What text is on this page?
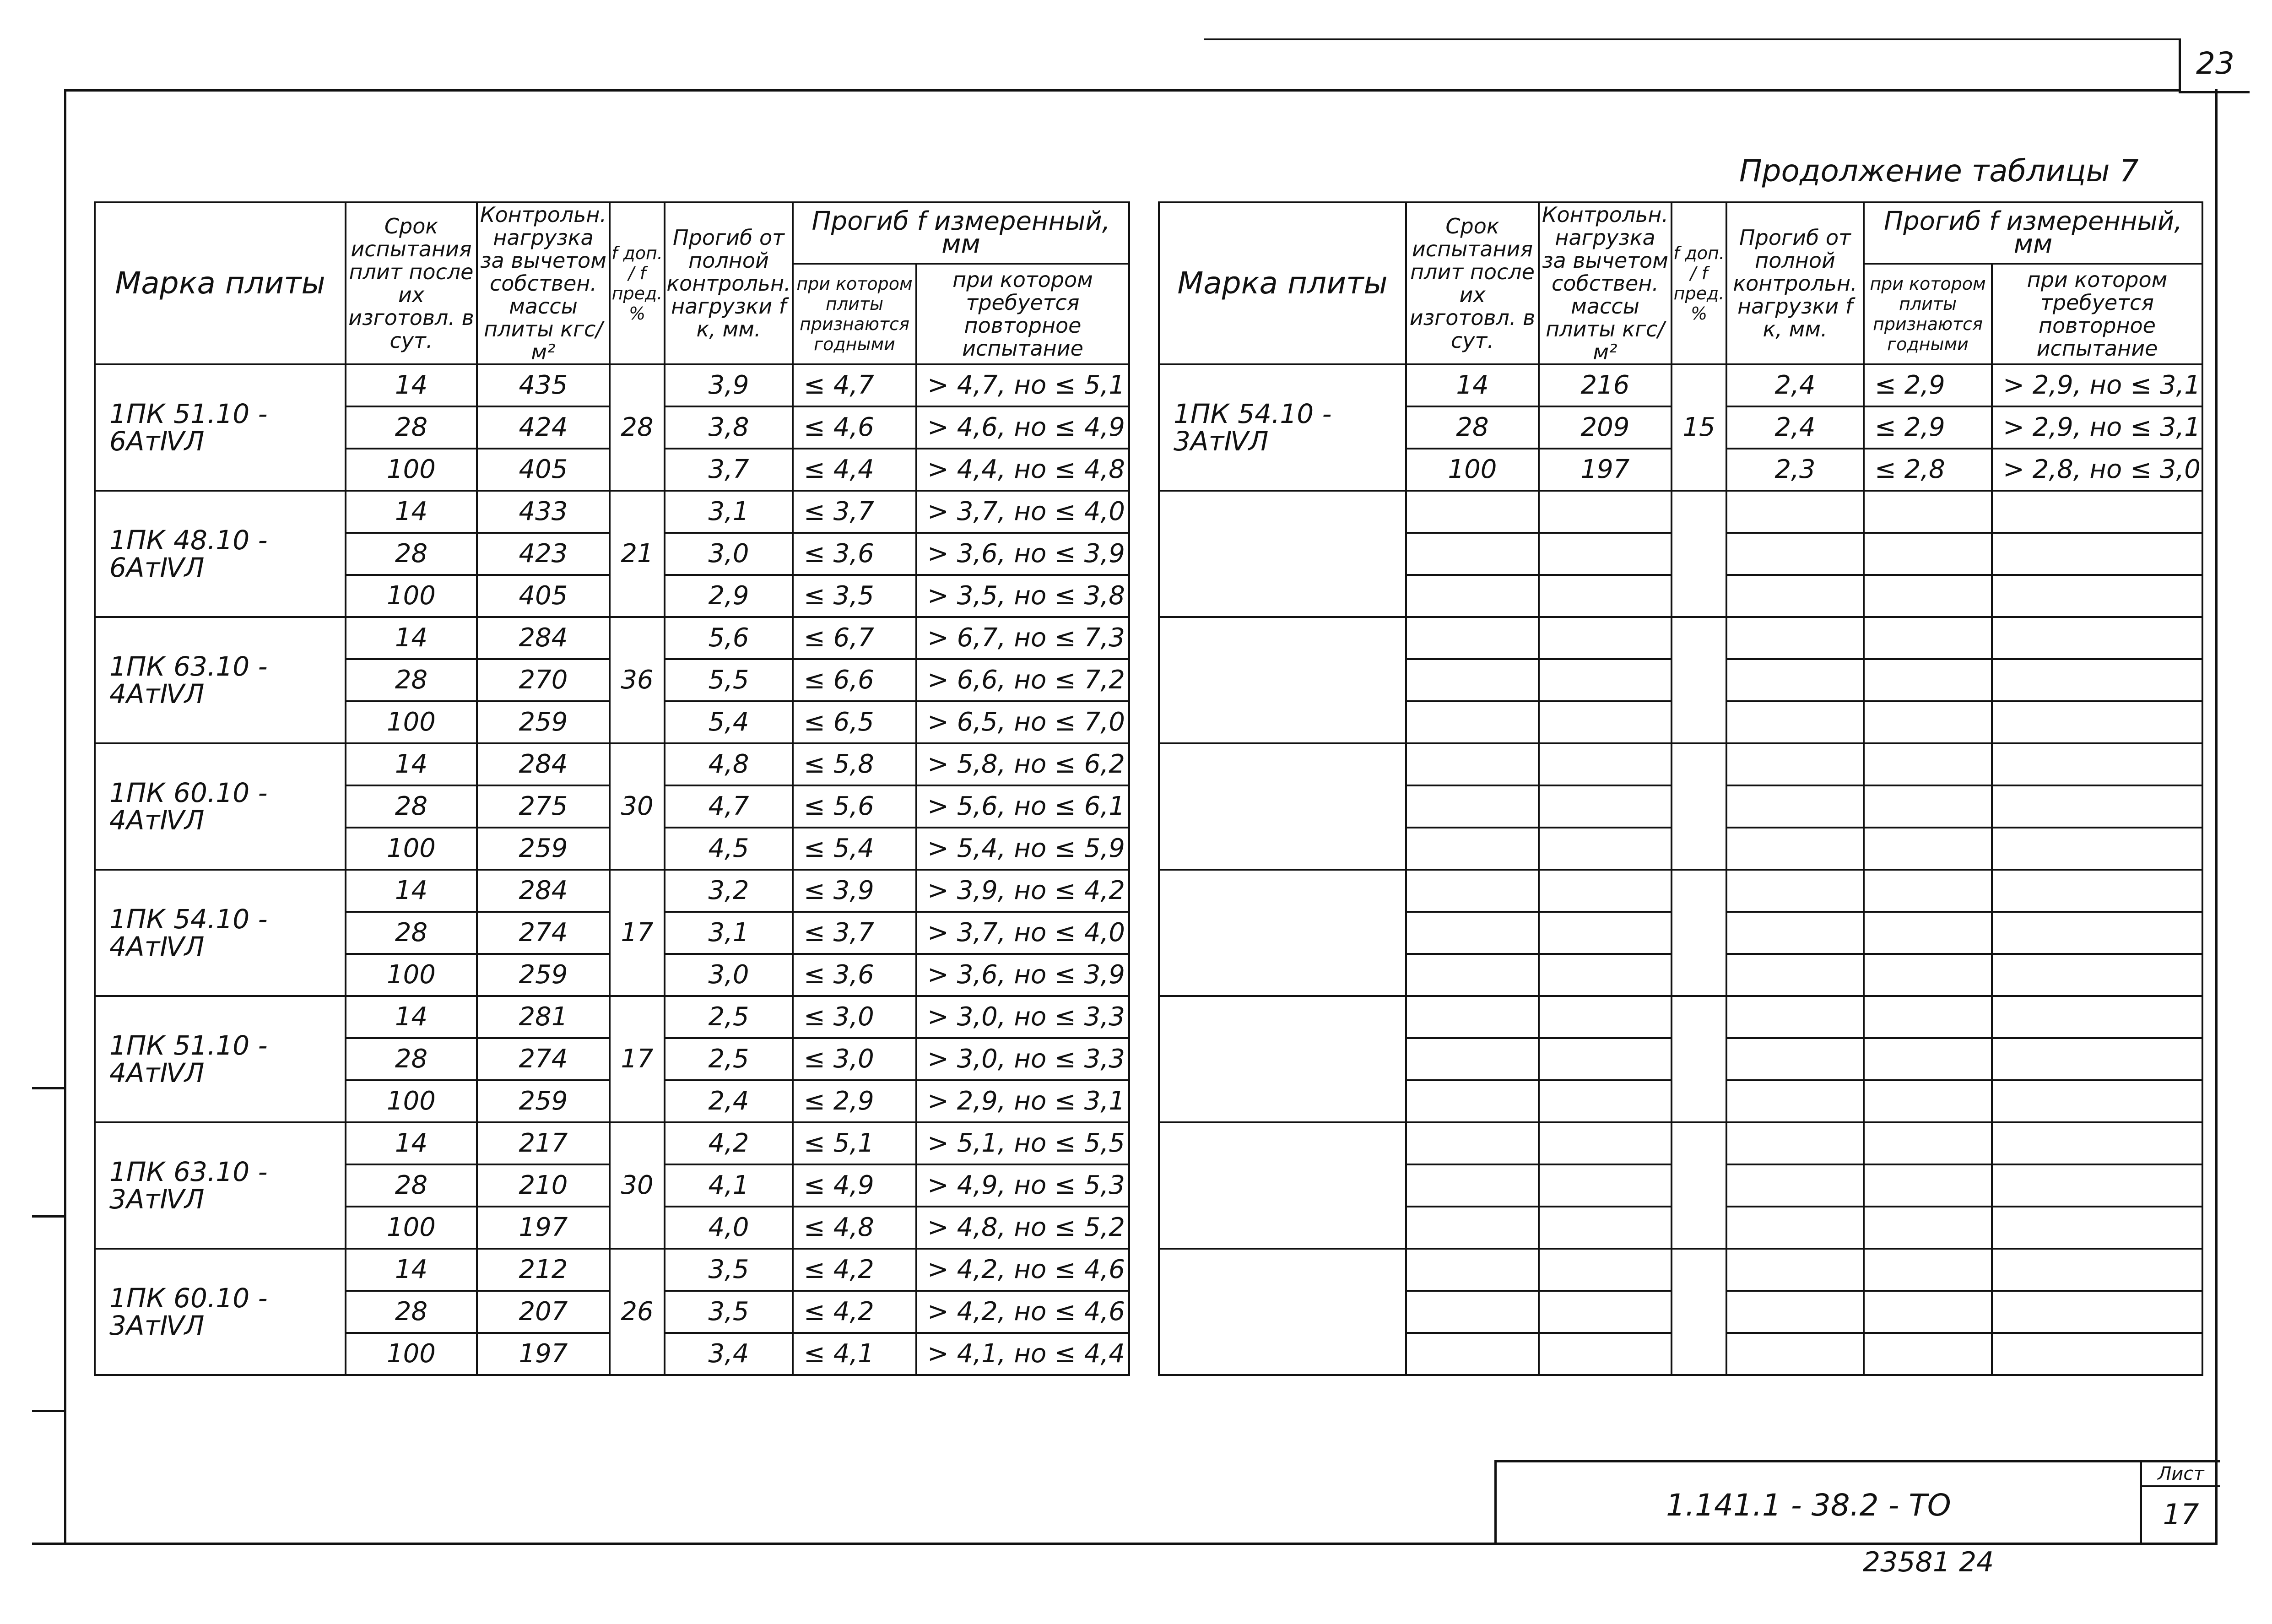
23
Продолжение таблицы 7
Марка плиты	Срок испытания плит после их изготовл. в сут.	Контрольн. нагрузка за вычетом собствен. массы плиты кгс/м²	f доп. / f пред. %	Прогиб от полной контрольн. нагрузки f к, мм.	Прогиб f измеренный, мм	
					при котором плиты признаются годными	при котором требуется повторное испытание
1ПК 51.10 - 6АтⅣЛ	14	435	28	3,9	≤ 4,7	> 4,7, но ≤ 5,1
	28	424		3,8	≤ 4,6	> 4,6, но ≤ 4,9
	100	405		3,7	≤ 4,4	> 4,4, но ≤ 4,8
1ПК 48.10 - 6АтⅣЛ	14	433	21	3,1	≤ 3,7	> 3,7, но ≤ 4,0
	28	423		3,0	≤ 3,6	> 3,6, но ≤ 3,9
	100	405		2,9	≤ 3,5	> 3,5, но ≤ 3,8
1ПК 63.10 - 4АтⅣЛ	14	284	36	5,6	≤ 6,7	> 6,7, но ≤ 7,3
	28	270		5,5	≤ 6,6	> 6,6, но ≤ 7,2
	100	259		5,4	≤ 6,5	> 6,5, но ≤ 7,0
1ПК 60.10 - 4АтⅣЛ	14	284	30	4,8	≤ 5,8	> 5,8, но ≤ 6,2
	28	275		4,7	≤ 5,6	> 5,6, но ≤ 6,1
	100	259		4,5	≤ 5,4	> 5,4, но ≤ 5,9
1ПК 54.10 - 4АтⅣЛ	14	284	17	3,2	≤ 3,9	> 3,9, но ≤ 4,2
	28	274		3,1	≤ 3,7	> 3,7, но ≤ 4,0
	100	259		3,0	≤ 3,6	> 3,6, но ≤ 3,9
1ПК 51.10 - 4АтⅣЛ	14	281	17	2,5	≤ 3,0	> 3,0, но ≤ 3,3
	28	274		2,5	≤ 3,0	> 3,0, но ≤ 3,3
	100	259		2,4	≤ 2,9	> 2,9, но ≤ 3,1
1ПК 63.10 - 3АтⅣЛ	14	217	30	4,2	≤ 5,1	> 5,1, но ≤ 5,5
	28	210		4,1	≤ 4,9	> 4,9, но ≤ 5,3
	100	197		4,0	≤ 4,8	> 4,8, но ≤ 5,2
1ПК 60.10 - 3АтⅣЛ	14	212	26	3,5	≤ 4,2	> 4,2, но ≤ 4,6
	28	207		3,5	≤ 4,2	> 4,2, но ≤ 4,6
	100	197		3,4	≤ 4,1	> 4,1, но ≤ 4,4
Марка плиты	Срок испытания плит после их изготовл. в сут.	Контрольн. нагрузка за вычетом собствен. массы плиты кгс/м²	f доп. / f пред. %	Прогиб от полной контрольн. нагрузки f к, мм.	Прогиб f измеренный, мм	
					при котором плиты признаются годными	при котором требуется повторное испытание
1ПК 54.10 - 3АтⅣЛ	14	216	15	2,4	≤ 2,9	> 2,9, но ≤ 3,1
	28	209		2,4	≤ 2,9	> 2,9, но ≤ 3,1
	100	197		2,3	≤ 2,8	> 2,8, но ≤ 3,0

1.141.1 - 38.2 - ТО
Лист
17
23581 24
